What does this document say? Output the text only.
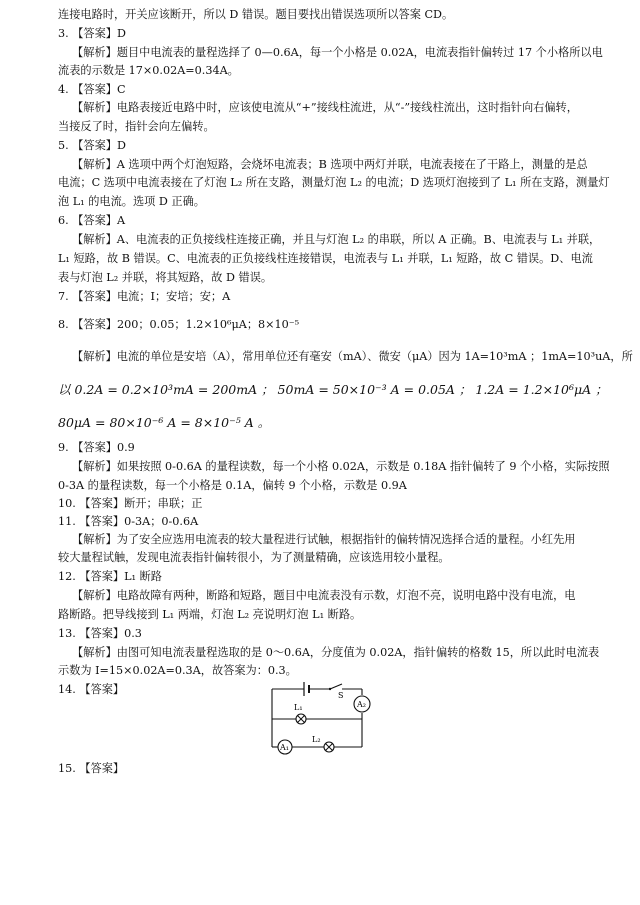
连接电路时，开关应该断开，所以 D 错误。题目要找出错误选项所以答案 CD。
3. 【答案】D
【解析】题目中电流表的量程选择了 0—0.6A，每一个小格是 0.02A，电流表指针偏转过 17 个小格所以电
流表的示数是 17×0.02A=0.34A。
4. 【答案】C
【解析】电路表接近电路中时，应该使电流从“+”接线柱流进，从“-”接线柱流出，这时指针向右偏转，
当接反了时，指针会向左偏转。
5. 【答案】D
【解析】A 选项中两个灯泡短路，会烧坏电流表；B 选项中两灯并联，电流表接在了干路上，测量的是总
电流；C 选项中电流表接在了灯泡 L₂ 所在支路，测量灯泡 L₂ 的电流；D 选项灯泡接到了 L₁ 所在支路，测量灯
泡 L₁ 的电流。选项 D 正确。
6. 【答案】A
【解析】A、电流表的正负接线柱连接正确，并且与灯泡 L₂ 的串联，所以 A 正确。B、电流表与 L₁ 并联，
L₁ 短路，故 B 错误。C、电流表的正负接线柱连接错误，电流表与 L₁ 并联，L₁ 短路，故 C 错误。D、电流
表与灯泡 L₂ 并联，将其短路，故 D 错误。
7. 【答案】电流；I；安培；安；A
8. 【答案】200；0.05；1.2×10⁶μA；8×10⁻⁵
【解析】电流的单位是安培（A），常用单位还有毫安（mA）、微安（μA）因为 1A=10³mA ；1mA=10³uA，所
以 0.2A = 0.2×10³mA = 200mA ； 50mA = 50×10⁻³ A = 0.05A ； 1.2A = 1.2×10⁶μA ；
80μA = 80×10⁻⁶ A = 8×10⁻⁵ A 。
9. 【答案】0.9
【解析】如果按照 0-0.6A 的量程读数，每一个小格 0.02A，示数是 0.18A 指针偏转了 9 个小格，实际按照
0-3A 的量程读数，每一个小格是 0.1A，偏转 9 个小格，示数是 0.9A
10. 【答案】断开；串联；正
11. 【答案】0-3A；0-0.6A
【解析】为了安全应选用电流表的较大量程进行试触，根据指针的偏转情况选择合适的量程。小红先用
较大量程试触，发现电流表指针偏转很小，为了测量精确，应该选用较小量程。
12. 【答案】L₁ 断路
【解析】电路故障有两种，断路和短路，题目中电流表没有示数，灯泡不亮，说明电路中没有电流，电
路断路。把导线接到 L₁ 两端，灯泡 L₂ 亮说明灯泡 L₁ 断路。
13. 【答案】0.3
【解析】由图可知电流表量程选取的是 0～0.6A，分度值为 0.02A，指针偏转的格数 15，所以此时电流表
示数为 I=15×0.02A=0.3A，故答案为：0.3。
14. 【答案】
15. 【答案】
S
A₂
L₁
A₁
L₂
